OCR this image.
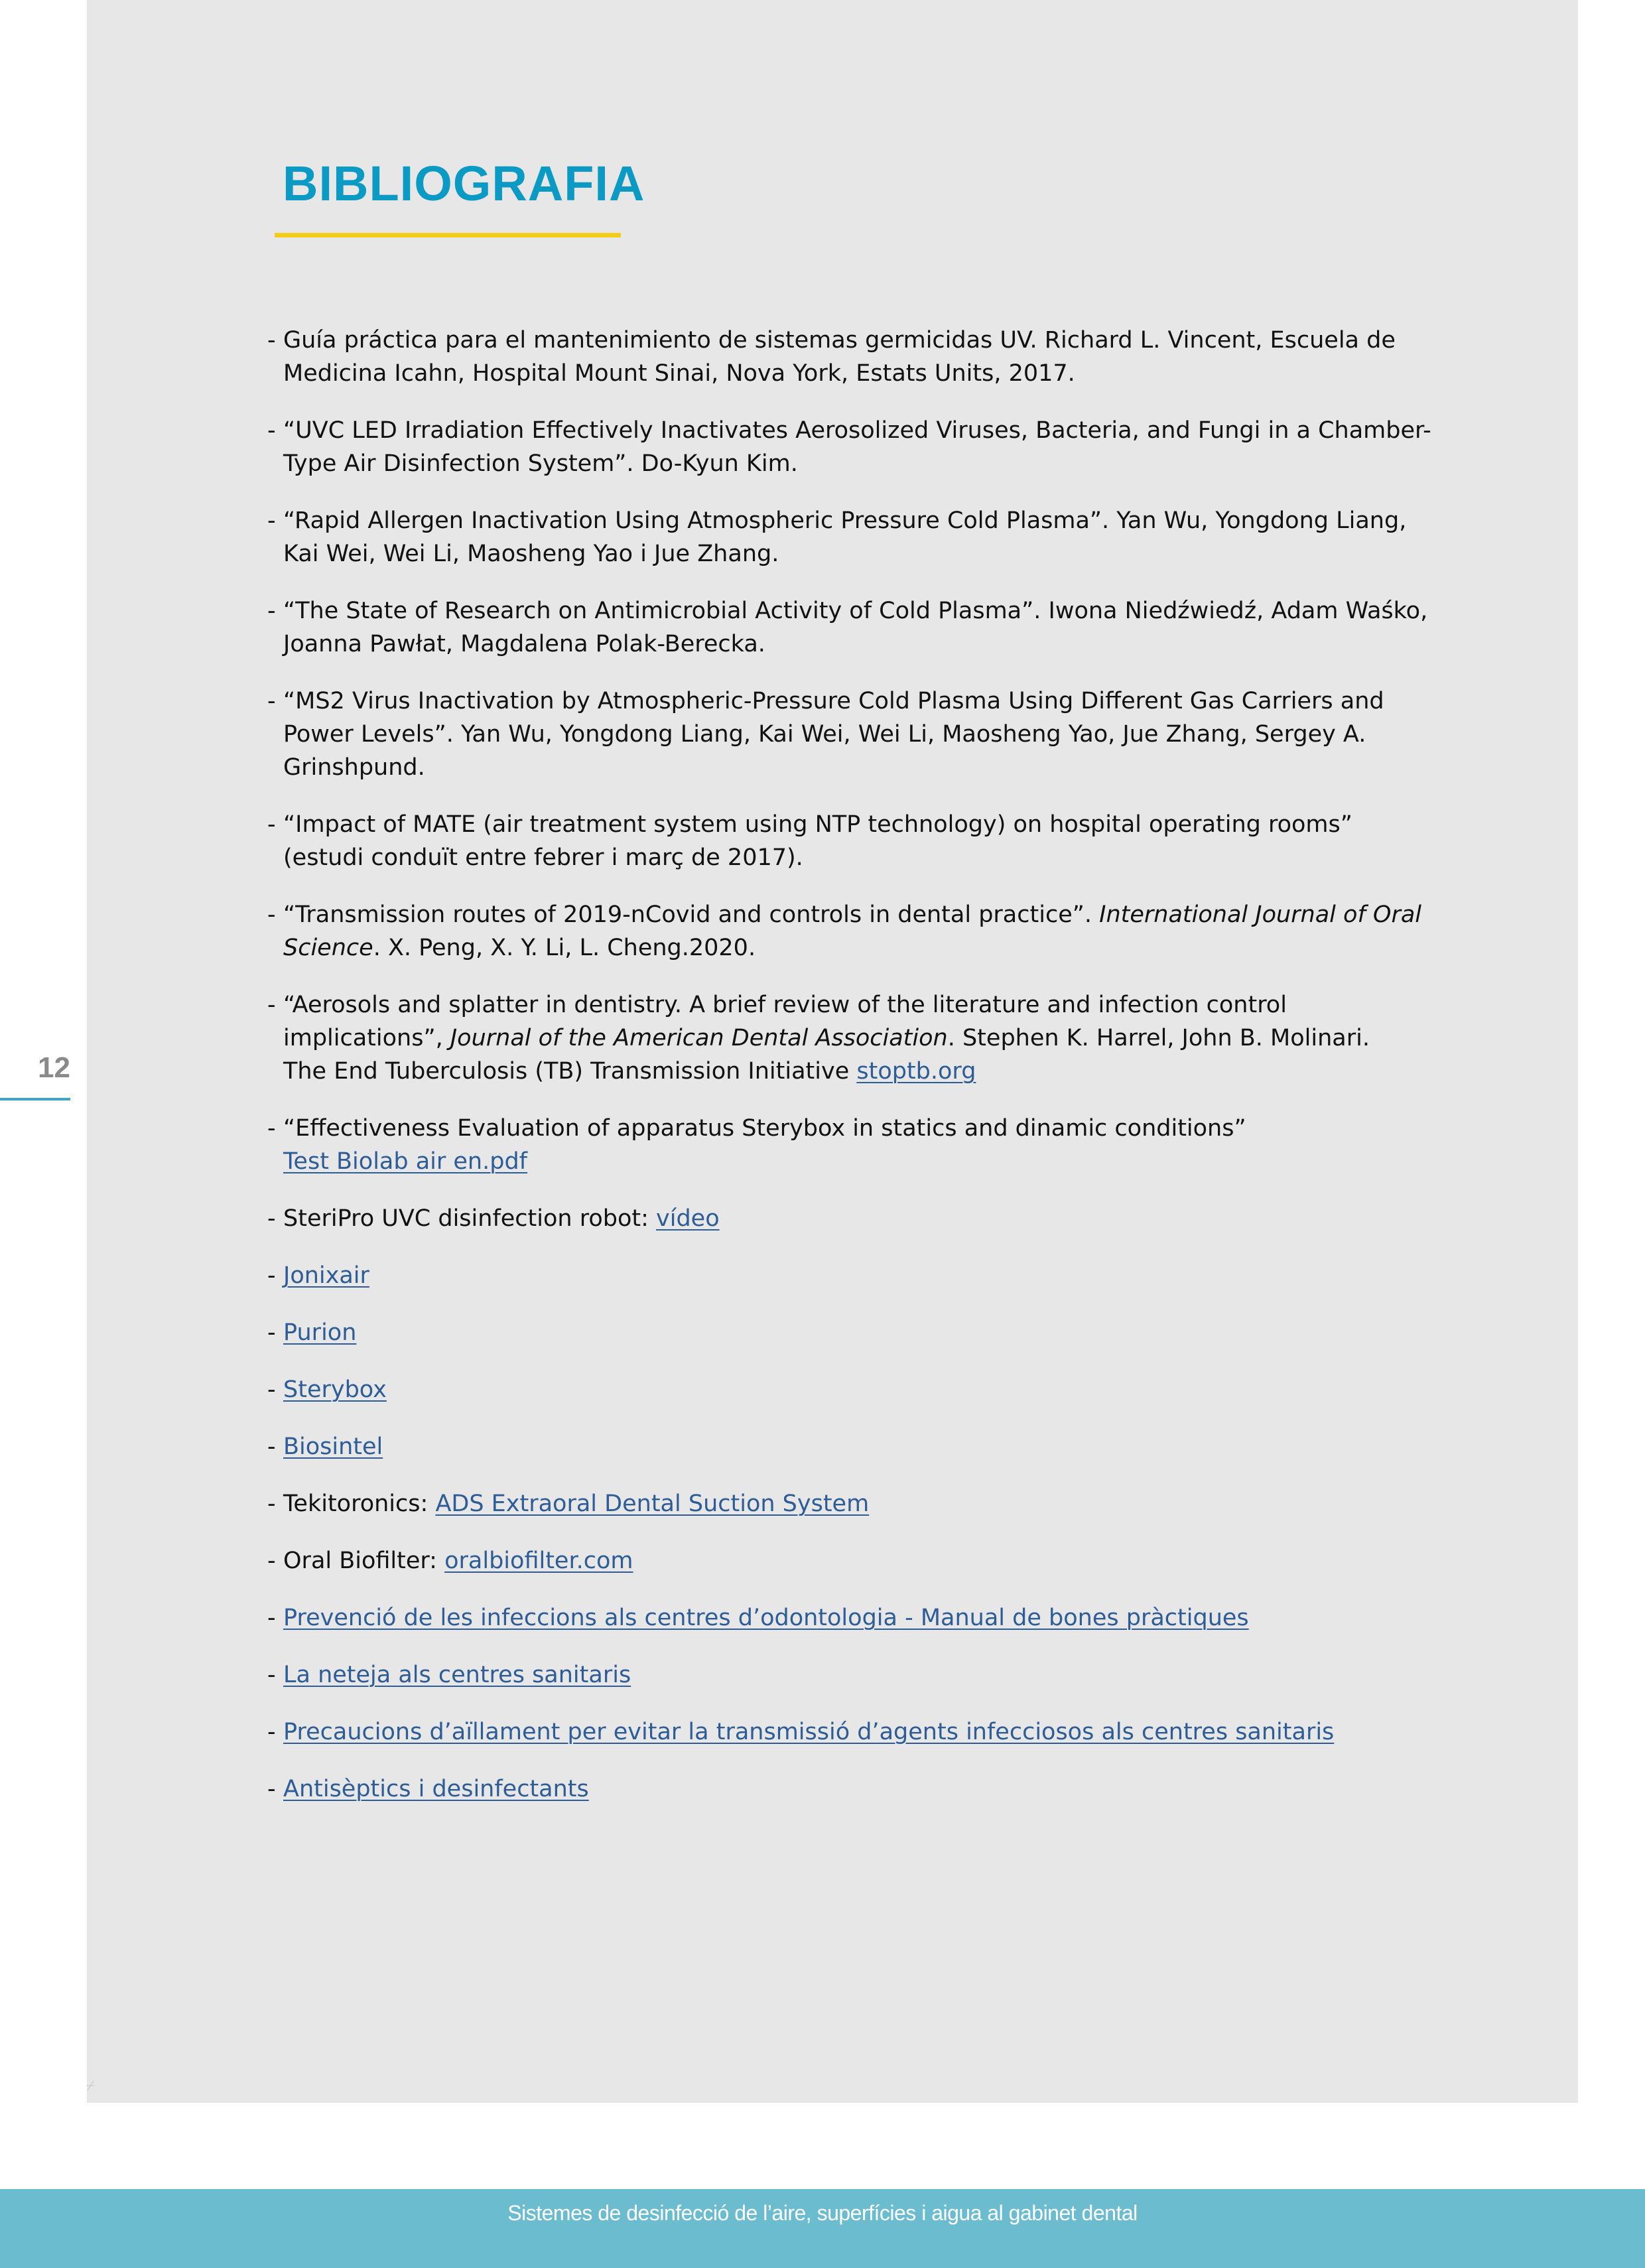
BIBLIOGRAFIA
12
- Guía práctica para el mantenimiento de sistemas germicidas UV. Richard L. Vincent, Escuela de
Medicina Icahn, Hospital Mount Sinai, Nova York, Estats Units, 2017.
- “UVC LED Irradiation Effectively Inactivates Aerosolized Viruses, Bacteria, and Fungi in a Chamber-
Type Air Disinfection System”. Do-Kyun Kim.
- “Rapid Allergen Inactivation Using Atmospheric Pressure Cold Plasma”. Yan Wu, Yongdong Liang,
Kai Wei, Wei Li, Maosheng Yao i Jue Zhang.
- “The State of Research on Antimicrobial Activity of Cold Plasma”. Iwona Niedźwiedź, Adam Waśko,
Joanna Pawłat, Magdalena Polak-Berecka.
- “MS2 Virus Inactivation by Atmospheric-Pressure Cold Plasma Using Different Gas Carriers and
Power Levels”. Yan Wu, Yongdong Liang, Kai Wei, Wei Li, Maosheng Yao, Jue Zhang, Sergey A.
Grinshpund.
- “Impact of MATE (air treatment system using NTP technology) on hospital operating rooms”
(estudi conduït entre febrer i març de 2017).
- “Transmission routes of 2019-nCovid and controls in dental practice”. International Journal of Oral
Science. X. Peng, X. Y. Li, L. Cheng.2020.
- “Aerosols and splatter in dentistry. A brief review of the literature and infection control
implications”, Journal of the American Dental Association. Stephen K. Harrel, John B. Molinari.
The End Tuberculosis (TB) Transmission Initiative stoptb.org
- “Effectiveness Evaluation of apparatus Sterybox in statics and dinamic conditions”
Test Biolab air en.pdf
- SteriPro UVC disinfection robot: vídeo
- Jonixair
- Purion
- Sterybox
- Biosintel
- Tekitoronics: ADS Extraoral Dental Suction System
- Oral Biofilter: oralbiofilter.com
- Prevenció de les infeccions als centres d’odontologia - Manual de bones pràctiques
- La neteja als centres sanitaris
- Precaucions d’aïllament per evitar la transmissió d’agents infecciosos als centres sanitaris
- Antisèptics i desinfectants
⌿
Sistemes de desinfecció de l’aire, superfícies i aigua al gabinet dental
